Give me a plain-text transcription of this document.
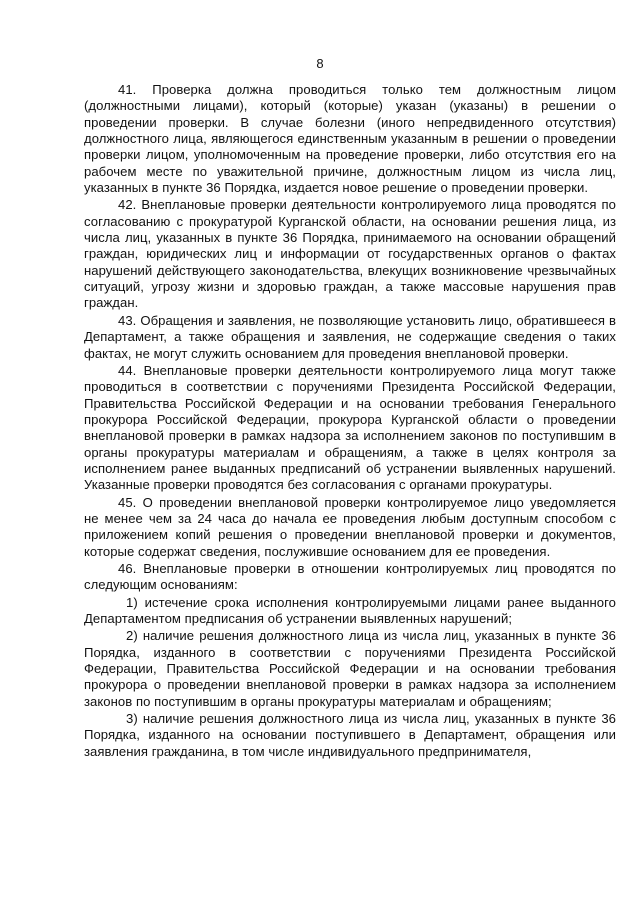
8

41. Проверка должна проводиться только тем должностным лицом (должностными лицами), который (которые) указан (указаны) в решении о проведении проверки. В случае болезни (иного непредвиденного отсутствия) должностного лица, являющегося единственным указанным в решении о проведении проверки лицом, уполномоченным на проведение проверки, либо отсутствия его на рабочем месте по уважительной причине, должностным лицом из числа лиц, указанных в пункте 36 Порядка, издается новое решение о проведении проверки.

42. Внеплановые проверки деятельности контролируемого лица проводятся по согласованию с прокуратурой Курганской области, на основании решения лица, из числа лиц, указанных в пункте 36 Порядка, принимаемого на основании обращений граждан, юридических лиц и информации от государственных органов о фактах нарушений действующего законодательства, влекущих возникновение чрезвычайных ситуаций, угрозу жизни и здоровью граждан, а также массовые нарушения прав граждан.

43. Обращения и заявления, не позволяющие установить лицо, обратившееся в Департамент, а также обращения и заявления, не содержащие сведения о таких фактах, не могут служить основанием для проведения внеплановой проверки.

44. Внеплановые проверки деятельности контролируемого лица могут также проводиться в соответствии с поручениями Президента Российской Федерации, Правительства Российской Федерации и на основании требования Генерального прокурора Российской Федерации, прокурора Курганской области о проведении внеплановой проверки в рамках надзора за исполнением законов по поступившим в органы прокуратуры материалам и обращениям, а также в целях контроля за исполнением ранее выданных предписаний об устранении выявленных нарушений. Указанные проверки проводятся без согласования с органами прокуратуры.

45. О проведении внеплановой проверки контролируемое лицо уведомляется не менее чем за 24 часа до начала ее проведения любым доступным способом с приложением копий решения о проведении внеплановой проверки и документов, которые содержат сведения, послужившие основанием для ее проведения.

46. Внеплановые проверки в отношении контролируемых лиц проводятся по следующим основаниям:

1) истечение срока исполнения контролируемыми лицами ранее выданного Департаментом предписания об устранении выявленных нарушений;

2) наличие решения должностного лица из числа лиц, указанных в пункте 36 Порядка, изданного в соответствии с поручениями Президента Российской Федерации, Правительства Российской Федерации и на основании требования прокурора о проведении внеплановой проверки в рамках надзора за исполнением законов по поступившим в органы прокуратуры материалам и обращениям;

3) наличие решения должностного лица из числа лиц, указанных в пункте 36 Порядка, изданного на основании поступившего в Департамент, обращения или заявления гражданина, в том числе индивидуального предпринимателя,
